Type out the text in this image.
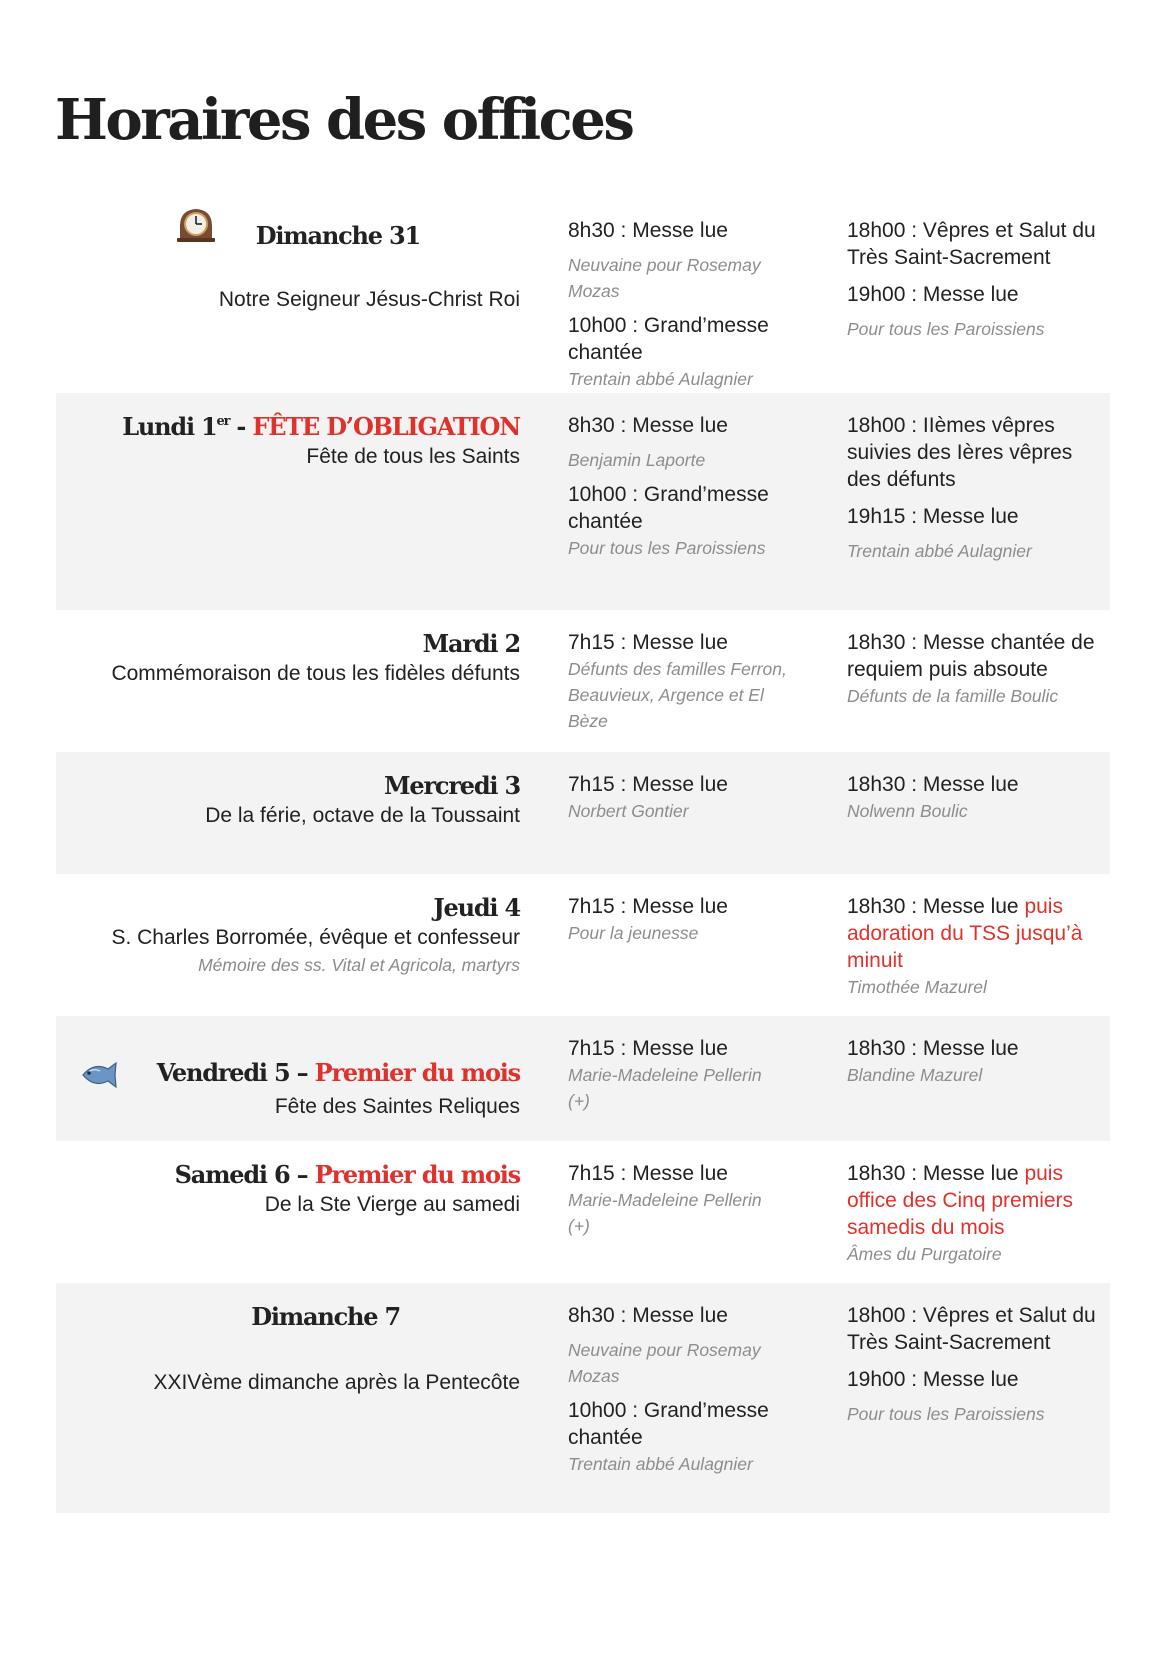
Horaires des offices
Dimanche 31
Notre Seigneur Jésus-Christ Roi
8h30 : Messe lue
Neuvaine pour Rosemay Mozas
10h00 : Grand’messe chantée
Trentain abbé Aulagnier
18h00 : Vêpres et Salut du Très Saint-Sacrement
19h00 : Messe lue
Pour tous les Paroissiens
Lundi 1er - FÊTE D’OBLIGATION
Fête de tous les Saints
8h30 : Messe lue
Benjamin Laporte
10h00 : Grand’messe chantée
Pour tous les Paroissiens
18h00 : IIèmes vêpres suivies des Ières vêpres des défunts
19h15 : Messe lue
Trentain abbé Aulagnier
Mardi 2
Commémoraison de tous les fidèles défunts
7h15 : Messe lue
Défunts des familles Ferron, Beauvieux, Argence et El Bèze
18h30 : Messe chantée de requiem puis absoute
Défunts de la famille Boulic
Mercredi 3
De la férie, octave de la Toussaint
7h15 : Messe lue
Norbert Gontier
18h30 : Messe lue
Nolwenn Boulic
Jeudi 4
S. Charles Borromée, évêque et confesseur
Mémoire des ss. Vital et Agricola, martyrs
7h15 : Messe lue
Pour la jeunesse
18h30 : Messe lue puis adoration du TSS jusqu’à minuit
Timothée Mazurel
Vendredi 5 – Premier du mois
Fête des Saintes Reliques
7h15 : Messe lue
Marie-Madeleine Pellerin (+)
18h30 : Messe lue
Blandine Mazurel
Samedi 6 – Premier du mois
De la Ste Vierge au samedi
7h15 : Messe lue
Marie-Madeleine Pellerin (+)
18h30 : Messe lue puis office des Cinq premiers samedis du mois
Âmes du Purgatoire
Dimanche 7
XXIVème dimanche après la Pentecôte
8h30 : Messe lue
Neuvaine pour Rosemay Mozas
10h00 : Grand’messe chantée
Trentain abbé Aulagnier
18h00 : Vêpres et Salut du Très Saint-Sacrement
19h00 : Messe lue
Pour tous les Paroissiens
